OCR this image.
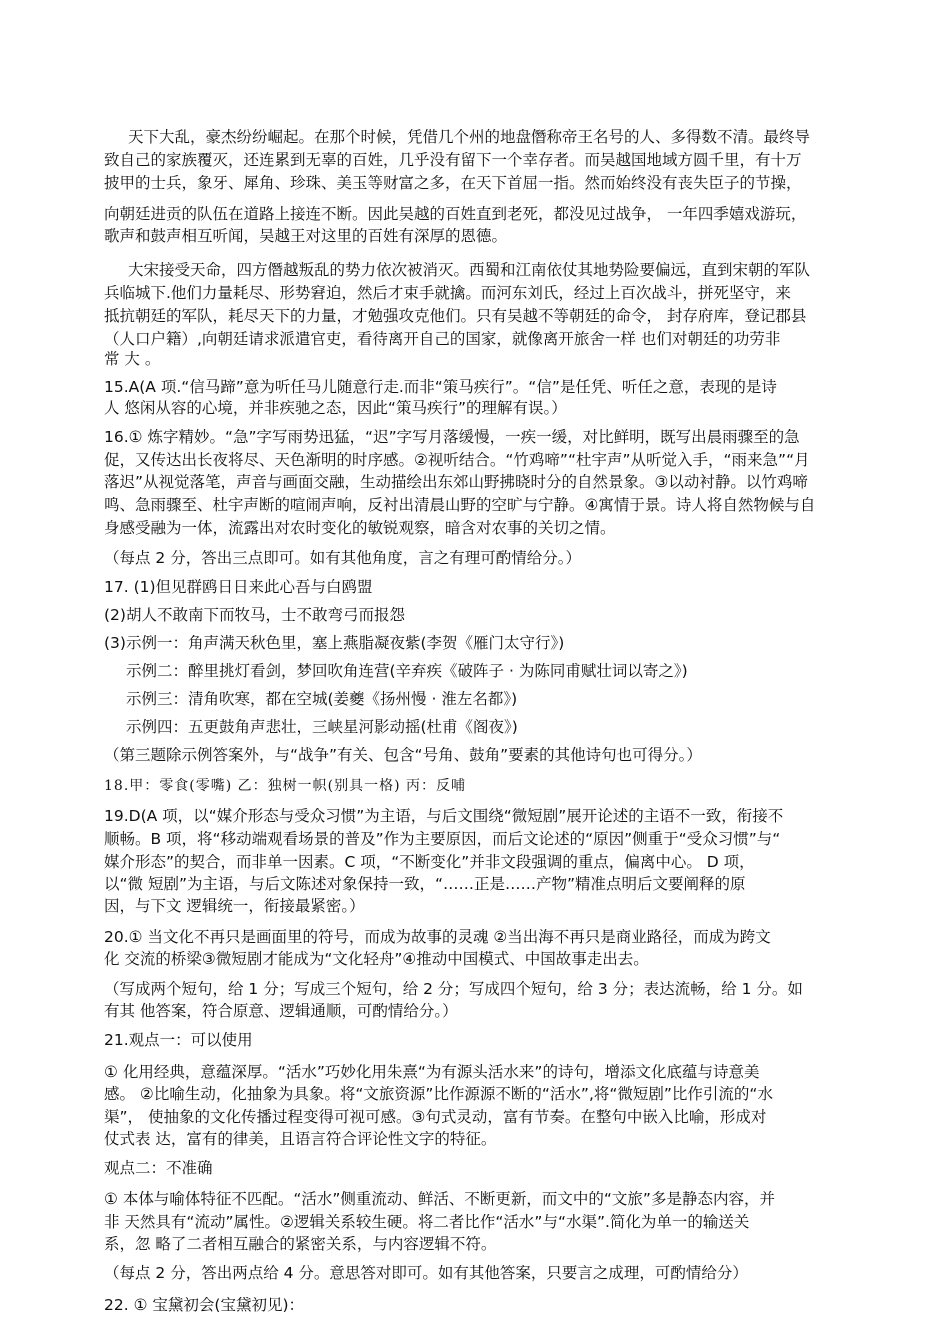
天下大乱，豪杰纷纷崛起。在那个时候，凭借几个州的地盘僭称帝王名号的人、多得数不清。最终导
致自己的家族覆灭，还连累到无辜的百姓，几乎没有留下一个幸存者。而吴越国地域方圆千里，有十万
披甲的士兵，象牙、犀角、珍珠、美玉等财富之多，在天下首屈一指。然而始终没有丧失臣子的节操，
向朝廷进贡的队伍在道路上接连不断。因此吴越的百姓直到老死，都没见过战争， 一年四季嬉戏游玩，
歌声和鼓声相互听闻，吴越王对这里的百姓有深厚的恩德。
大宋接受天命，四方僭越叛乱的势力依次被消灭。西蜀和江南依仗其地势险要偏远，直到宋朝的军队
兵临城下.他们力量耗尽、形势窘迫，然后才束手就擒。而河东刘氏，经过上百次战斗，拼死坚守，来
抵抗朝廷的军队，耗尽天下的力量，才勉强攻克他们。只有吴越不等朝廷的命令， 封存府库，登记郡县
（人口户籍）,向朝廷请求派遣官吏，看待离开自己的国家，就像离开旅舍一样 也们对朝廷的功劳非
常 大 。
15.A(A 项.“信马蹄”意为听任马儿随意行走.而非“策马疾行”。“信”是任凭、听任之意，表现的是诗
人 悠闲从容的心境，并非疾驰之态，因此“策马疾行”的理解有误。）
16.① 炼字精妙。“急”字写雨势迅猛，“迟”字写月落缓慢，一疾一缓，对比鲜明，既写出晨雨骤至的急
促，又传达出长夜将尽、天色渐明的时序感。②视听结合。“竹鸡啼”“杜宇声”从听觉入手，“雨来急”“月
落迟”从视觉落笔，声音与画面交融，生动描绘出东郊山野拂晓时分的自然景象。③以动衬静。以竹鸡啼
鸣、急雨骤至、杜宇声断的喧闹声响，反衬出清晨山野的空旷与宁静。④寓情于景。诗人将自然物候与自
身感受融为一体，流露出对农时变化的敏锐观察，暗含对农事的关切之情。
（每点 2 分，答出三点即可。如有其他角度，言之有理可酌情给分。）
17. (1)但见群鸥日日来此心吾与白鸥盟
(2)胡人不敢南下而牧马，士不敢弯弓而报怨
(3)示例一：角声满天秋色里，塞上燕脂凝夜紫(李贺《雁门太守行》)
示例二：醉里挑灯看剑，梦回吹角连营(辛弃疾《破阵子 · 为陈同甫赋壮词以寄之》)
示例三：清角吹寒，都在空城(姜夔《扬州慢 · 淮左名都》)
示例四：五更鼓角声悲壮，三峡星河影动摇(杜甫《阁夜》)
（第三题除示例答案外，与“战争”有关、包含“号角、鼓角”要素的其他诗句也可得分。）
18.甲：零食(零嘴) 乙：独树一帜(别具一格) 丙：反哺
19.D(A 项，以“媒介形态与受众习惯”为主语，与后文围绕“微短剧”展开论述的主语不一致，衔接不
顺畅。B 项，将“移动端观看场景的普及”作为主要原因，而后文论述的“原因”侧重于“受众习惯”与“
媒介形态”的契合，而非单一因素。C 项，“不断变化”并非文段强调的重点，偏离中心。 D 项，
以“微 短剧”为主语，与后文陈述对象保持一致，“……正是……产物”精准点明后文要阐释的原
因，与下文 逻辑统一，衔接最紧密。）
20.① 当文化不再只是画面里的符号，而成为故事的灵魂 ②当出海不再只是商业路径，而成为跨文
化 交流的桥梁③微短剧才能成为“文化轻舟”④推动中国模式、中国故事走出去。
（写成两个短句，给 1 分；写成三个短句，给 2 分；写成四个短句，给 3 分；表达流畅，给 1 分。如
有其 他答案，符合原意、逻辑通顺，可酌情给分。）
21.观点一：可以使用
① 化用经典，意蕴深厚。“活水”巧妙化用朱熹“为有源头活水来”的诗句，增添文化底蕴与诗意美
感。 ②比喻生动，化抽象为具象。将“文旅资源”比作源源不断的“活水”,将“微短剧”比作引流的“水
渠”， 使抽象的文化传播过程变得可视可感。③句式灵动，富有节奏。在整句中嵌入比喻，形成对
仗式表 达，富有的律美，且语言符合评论性文字的特征。
观点二：不准确
① 本体与喻体特征不匹配。“活水”侧重流动、鲜活、不断更新，而文中的“文旅”多是静态内容，并
非 天然具有“流动”属性。②逻辑关系较生硬。将二者比作“活水”与“水渠”.简化为单一的输送关
系，忽 略了二者相互融合的紧密关系，与内容逻辑不符。
（每点 2 分，答出两点给 4 分。意思答对即可。如有其他答案，只要言之成理，可酌情给分）
22. ① 宝黛初会(宝黛初见)：
